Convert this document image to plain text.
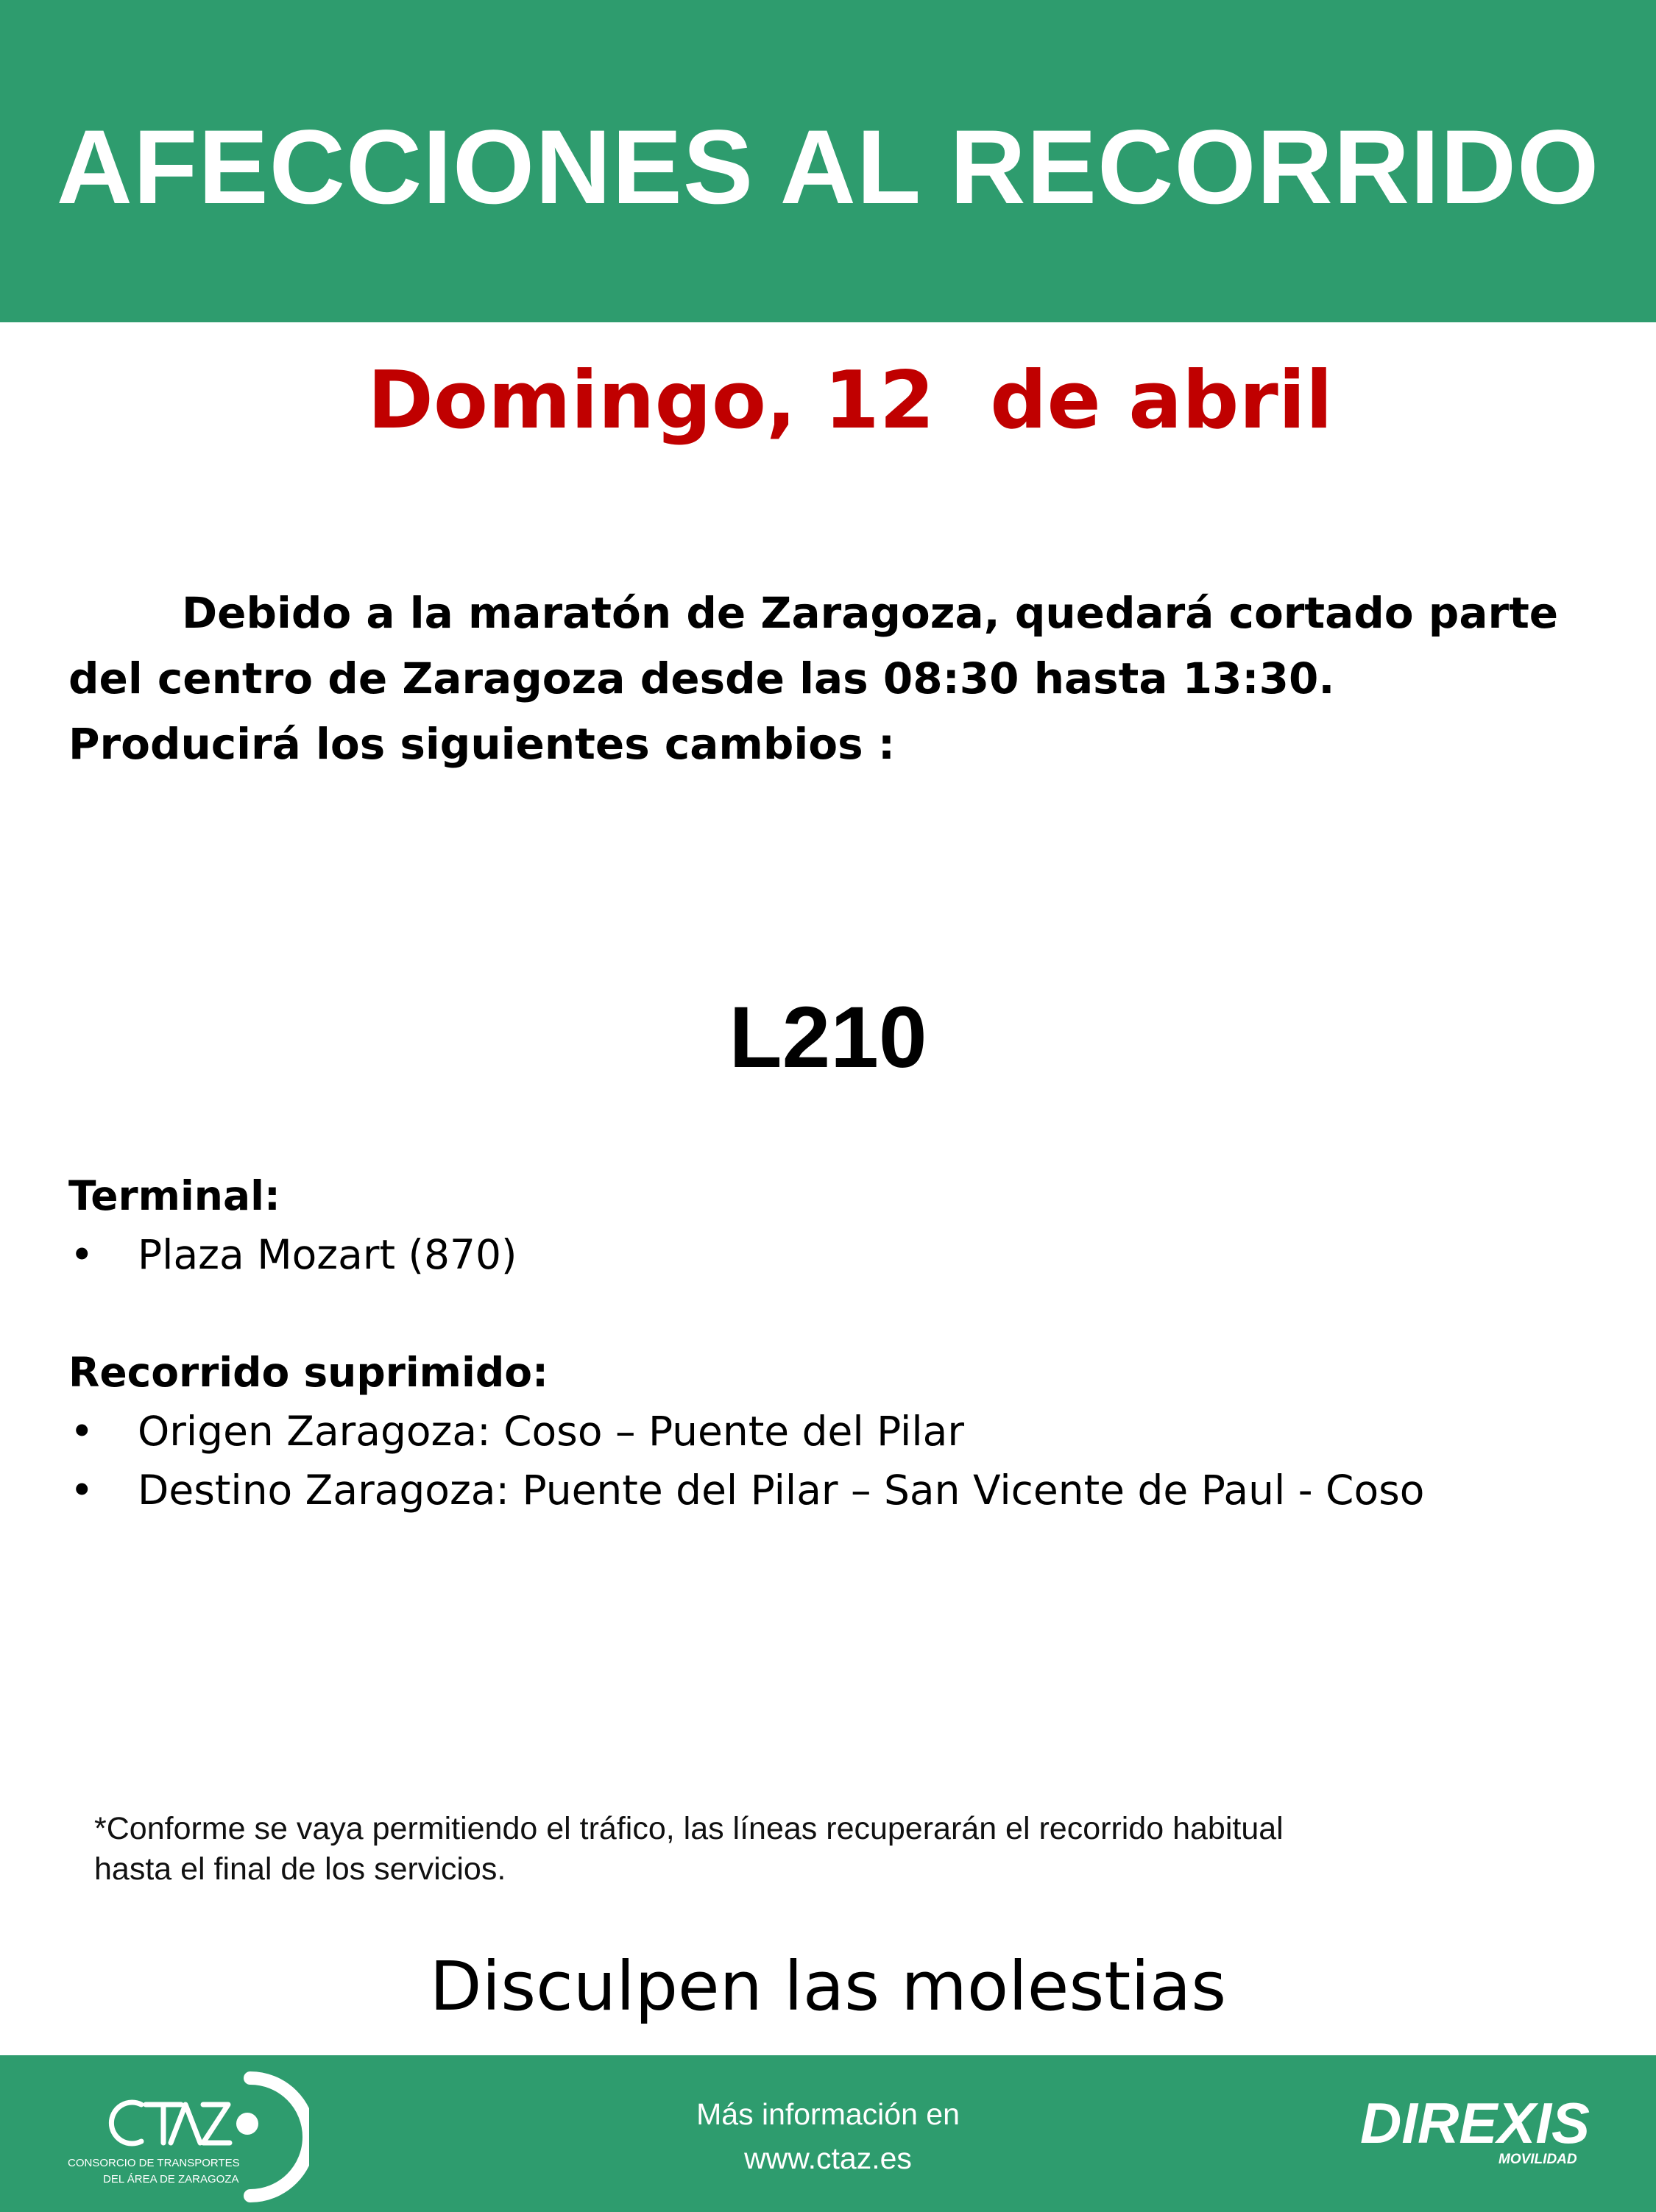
AFECCIONES AL RECORRIDO
Domingo, 12  de abril

Debido a la maratón de Zaragoza, quedará cortado parte

del centro de Zaragoza desde las 08:30 hasta 13:30.

Producirá los siguientes cambios :

L210

Terminal:

• Plaza Mozart (870)

Recorrido suprimido:

• Origen Zaragoza: Coso – Puente del Pilar
• Destino Zaragoza: Puente del Pilar – San Vicente de Paul - Coso

*Conforme se vaya permitiendo el tráfico, las líneas recuperarán el recorrido habitual

hasta el final de los servicios.

Disculpen las molestias
CONSORCIO DE TRANSPORTES
DEL ÁREA DE ZARAGOZA

Más información en

www.ctaz.es

DIREXIS
MOVILIDAD
